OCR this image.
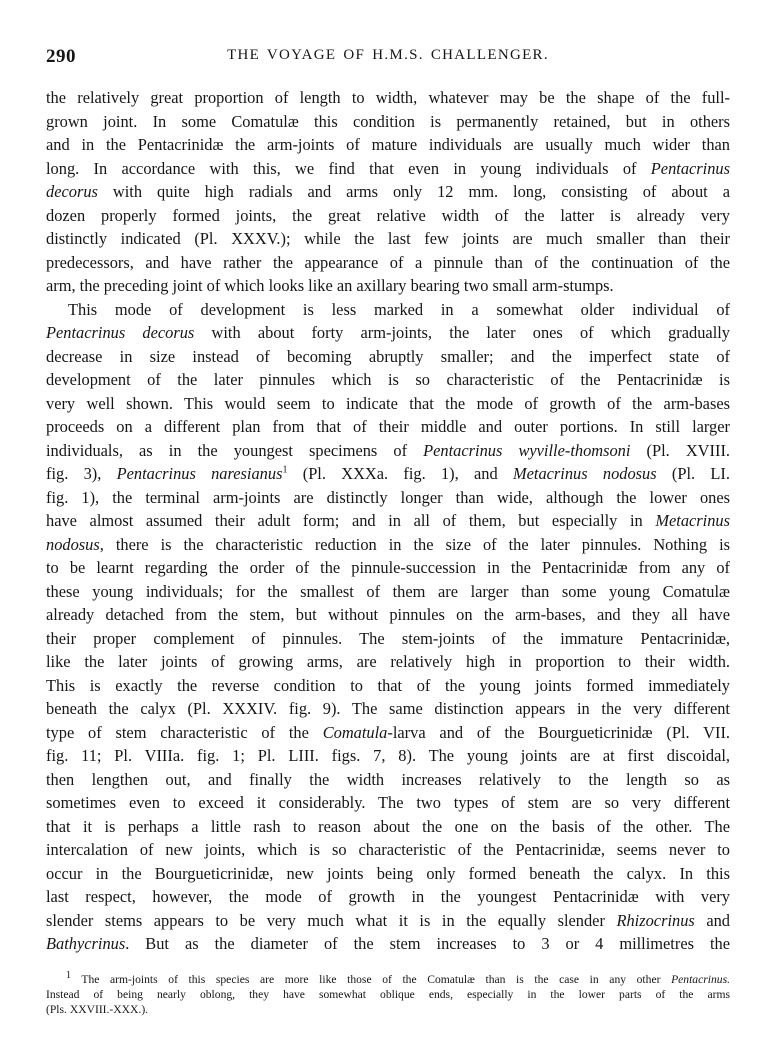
290	THE VOYAGE OF H.M.S. CHALLENGER.
the relatively great proportion of length to width, whatever may be the shape of the full-
grown joint. In some Comatulæ this condition is permanently retained, but in others
and in the Pentacrinidæ the arm-joints of mature individuals are usually much wider than
long. In accordance with this, we find that even in young individuals of Pentacrinus
decorus with quite high radials and arms only 12 mm. long, consisting of about a
dozen properly formed joints, the great relative width of the latter is already very
distinctly indicated (Pl. XXXV.); while the last few joints are much smaller than their
predecessors, and have rather the appearance of a pinnule than of the continuation of the
arm, the preceding joint of which looks like an axillary bearing two small arm-stumps.
This mode of development is less marked in a somewhat older individual of
Pentacrinus decorus with about forty arm-joints, the later ones of which gradually
decrease in size instead of becoming abruptly smaller; and the imperfect state of
development of the later pinnules which is so characteristic of the Pentacrinidæ is
very well shown. This would seem to indicate that the mode of growth of the arm-bases
proceeds on a different plan from that of their middle and outer portions. In still larger
individuals, as in the youngest specimens of Pentacrinus wyville-thomsoni (Pl. XVIII.
fig. 3), Pentacrinus naresianus$^1$ (Pl. XXXa. fig. 1), and Metacrinus nodosus (Pl. LI.
fig. 1), the terminal arm-joints are distinctly longer than wide, although the lower ones
have almost assumed their adult form; and in all of them, but especially in Metacrinus
nodosus, there is the characteristic reduction in the size of the later pinnules. Nothing is
to be learnt regarding the order of the pinnule-succession in the Pentacrinidæ from any of
these young individuals; for the smallest of them are larger than some young Comatulæ
already detached from the stem, but without pinnules on the arm-bases, and they all have
their proper complement of pinnules. The stem-joints of the immature Pentacrinidæ,
like the later joints of growing arms, are relatively high in proportion to their width.
This is exactly the reverse condition to that of the young joints formed immediately
beneath the calyx (Pl. XXXIV. fig. 9). The same distinction appears in the very different
type of stem characteristic of the Comatula-larva and of the Bourgueticrinidæ (Pl. VII.
fig. 11; Pl. VIIIa. fig. 1; Pl. LIII. figs. 7, 8). The young joints are at first discoidal,
then lengthen out, and finally the width increases relatively to the length so as
sometimes even to exceed it considerably. The two types of stem are so very different
that it is perhaps a little rash to reason about the one on the basis of the other. The
intercalation of new joints, which is so characteristic of the Pentacrinidæ, seems never to
occur in the Bourgueticrinidæ, new joints being only formed beneath the calyx. In this
last respect, however, the mode of growth in the youngest Pentacrinidæ with very
slender stems appears to be very much what it is in the equally slender Rhizocrinus and
Bathycrinus. But as the diameter of the stem increases to 3 or 4 millimetres the
$^1$ The arm-joints of this species are more like those of the Comatulæ than is the case in any other Pentacrinus.
Instead of being nearly oblong, they have somewhat oblique ends, especially in the lower parts of the arms
(Pls. XXVIII.-XXX.).
